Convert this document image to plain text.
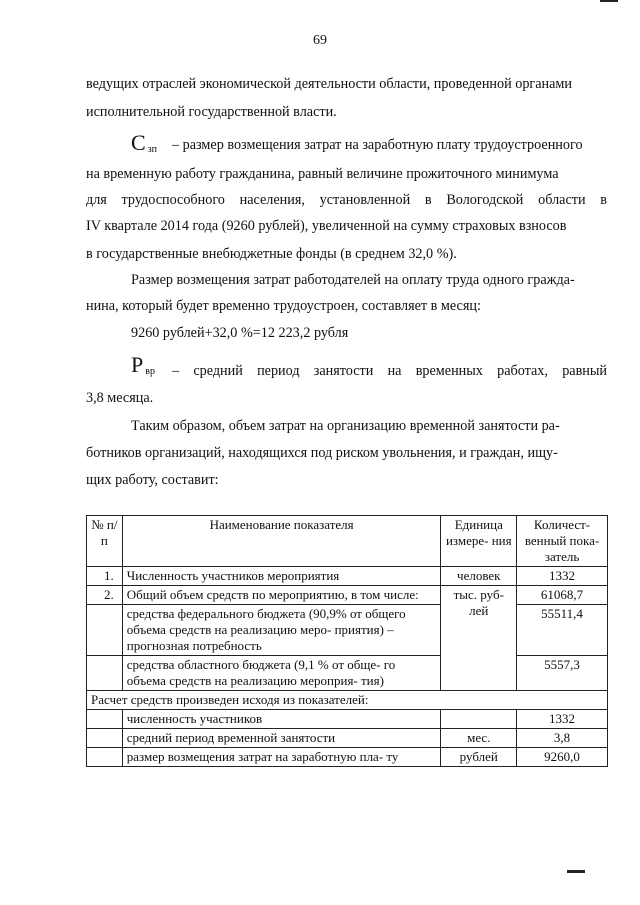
69
ведущих отраслей экономической деятельности области, проведенной органами
исполнительной государственной власти.
С $_{зп}$ – размер возмещения затрат на заработную плату трудоустроенного
на временную работу гражданина, равный величине прожиточного минимума
для трудоспособного населения, установленной в Вологодской области в
IV квартале 2014 года (9260 рублей), увеличенной на сумму страховых взносов
в государственные внебюджетные фонды (в среднем 32,0 %).
Размер возмещения затрат работодателей на оплату труда одного гражда-
нина, который будет временно трудоустроен, составляет в месяц:
9260 рублей+32,0 %=12 223,2 рубля
Р $_{вр}$ – средний период занятости на временных работах, равный
3,8 месяца.
Таким образом, объем затрат на организацию временной занятости ра-
ботников организаций, находящихся под риском увольнения, и граждан, ищу-
щих работу, составит:
№ п/п	Наименование показателя	Единица измере- ния	Количест- венный пока- затель
1.	Численность участников мероприятия	человек	1332
2.	Общий объем средств по мероприятию, в том числе:	тыс. руб- лей	61068,7
	средства федерального бюджета (90,9% от общего объема средств на реализацию меро- приятия) – прогнозная потребность		55511,4
	средства областного бюджета (9,1 % от обще- го объема средств на реализацию мероприя- тия)		5557,3
Расчет средств произведен исходя из показателей:			
	численность участников		1332
	средний период временной занятости	мес.	3,8
	размер возмещения затрат на заработную пла- ту	рублей	9260,0
